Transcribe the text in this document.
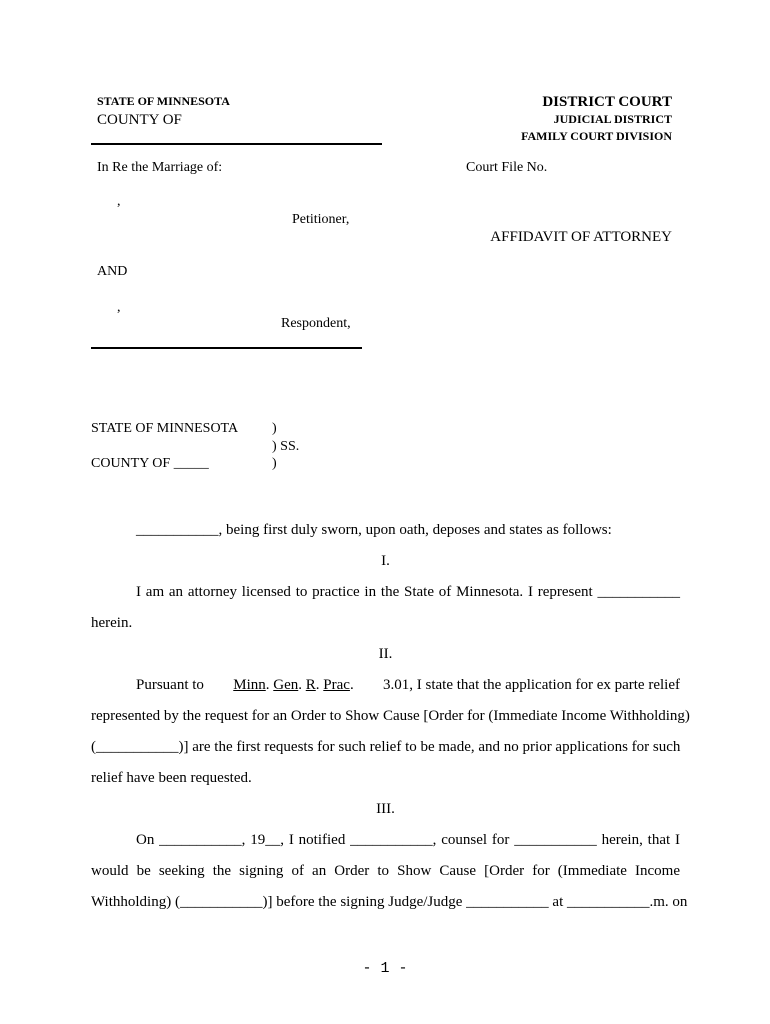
STATE OF MINNESOTA
COUNTY OF
DISTRICT COURT
JUDICIAL DISTRICT
FAMILY COURT DIVISION
In Re the Marriage of:	Court File No.
,
Petitioner,
AFFIDAVIT OF ATTORNEY
AND
,
Respondent,
STATE OF MINNESOTA )
) SS.
COUNTY OF _____	)
___________, being first duly sworn, upon oath, deposes and states as follows:
I.
I am an attorney licensed to practice in the State of Minnesota. I represent ___________
herein.
II.
Pursuant to Minn. Gen. R. Prac. 3.01, I state that the application for ex parte relief
represented by the request for an Order to Show Cause [Order for (Immediate Income Withholding)
(___________)] are the first requests for such relief to be made, and no prior applications for such
relief have been requested.
III.
On ___________, 19__, I notified ___________, counsel for ___________ herein, that I
would be seeking the signing of an Order to Show Cause [Order for (Immediate Income
Withholding) (___________)] before the signing Judge/Judge ___________ at ___________.m. on
- 1 -
